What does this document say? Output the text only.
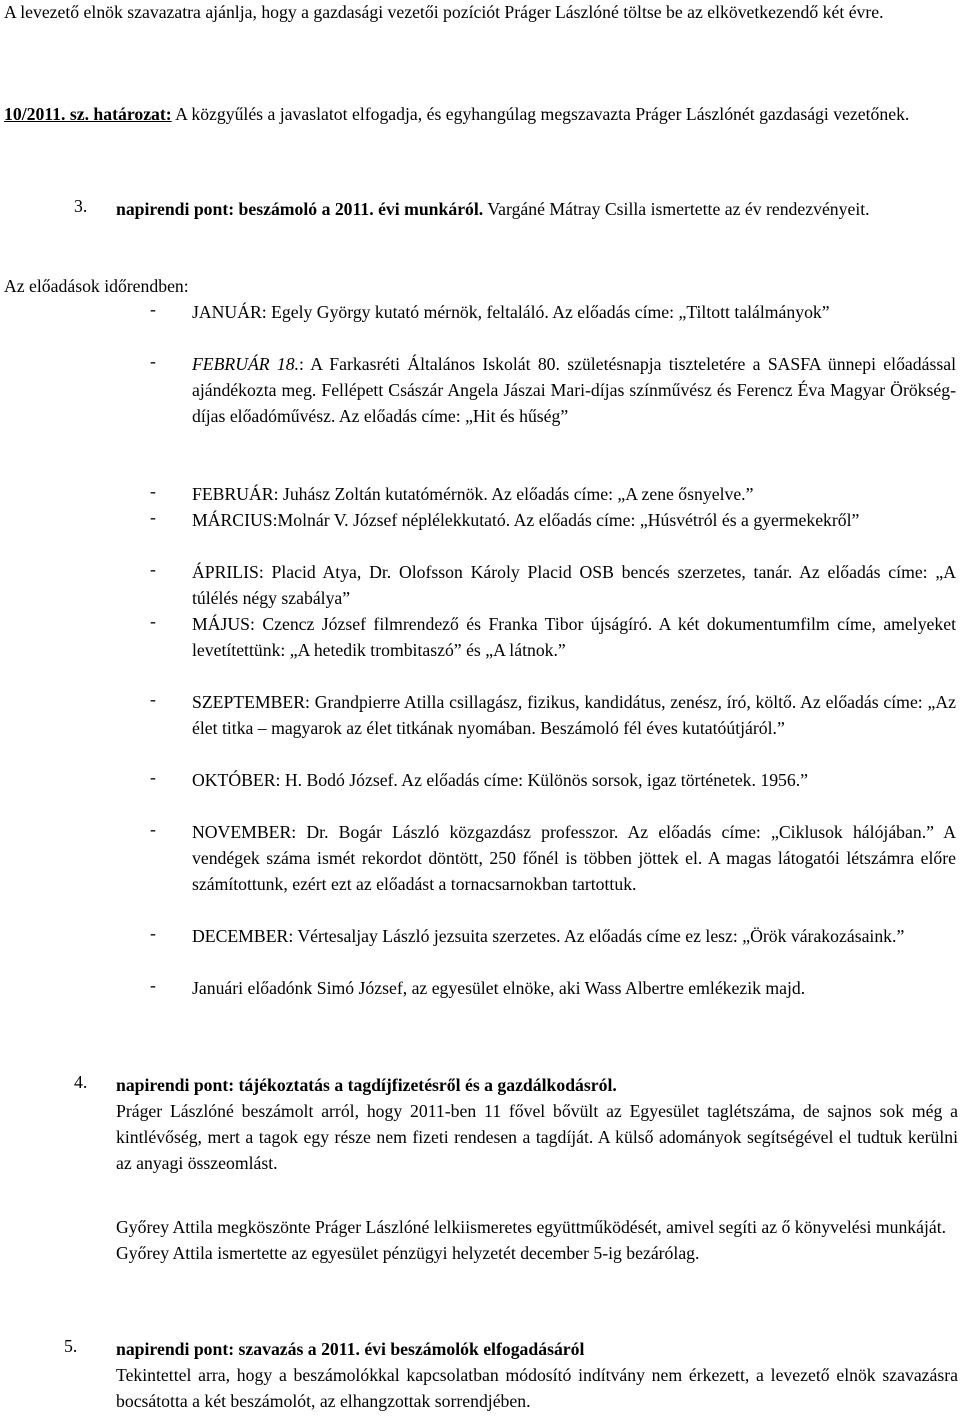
A levezető elnök szavazatra ajánlja, hogy a gazdasági vezetői pozíciót Práger Lászlóné töltse be az elkövetkezendő két évre.

10/2011. sz. határozat: A közgyűlés a javaslatot elfogadja, és egyhangúlag megszavazta Práger Lászlónét gazdasági vezetőnek.

3. napirendi pont: beszámoló a 2011. évi munkáról. Vargáné Mátray Csilla ismertette az év rendezvényeit.

Az előadások időrendben:

- JANUÁR: Egely György kutató mérnök, feltaláló. Az előadás címe: „Tiltott találmányok”

- FEBRUÁR 18.: A Farkasréti Általános Iskolát 80. születésnapja tiszteletére a SASFA ünnepi előadással ajándékozta meg. Fellépett Császár Angela Jászai Mari-díjas színművész és Ferencz Éva Magyar Örökség-díjas előadóművész. Az előadás címe: „Hit és hűség”

- FEBRUÁR: Juhász Zoltán kutatómérnök. Az előadás címe: „A zene ősnyelve.”

- MÁRCIUS:Molnár V. József néplélekkutató. Az előadás címe: „Húsvétról és a gyermekekről”

- ÁPRILIS: Placid Atya, Dr. Olofsson Károly Placid OSB bencés szerzetes, tanár. Az előadás címe: „A túlélés négy szabálya”

- MÁJUS: Czencz József filmrendező és Franka Tibor újságíró. A két dokumentumfilm címe, amelyeket levetítettünk: „A hetedik trombitaszó” és „A látnok.”

- SZEPTEMBER: Grandpierre Atilla csillagász, fizikus, kandidátus, zenész, író, költő. Az előadás címe: „Az élet titka – magyarok az élet titkának nyomában. Beszámoló fél éves kutatóútjáról.”

- OKTÓBER: H. Bodó József. Az előadás címe: Különös sorsok, igaz történetek. 1956.”

- NOVEMBER: Dr. Bogár László közgazdász professzor. Az előadás címe: „Ciklusok hálójában.” A vendégek száma ismét rekordot döntött, 250 főnél is többen jöttek el. A magas látogatói létszámra előre számítottunk, ezért ezt az előadást a tornacsarnokban tartottuk.

- DECEMBER: Vértesaljay László jezsuita szerzetes. Az előadás címe ez lesz: „Örök várakozásaink.”

- Januári előadónk Simó József, az egyesület elnöke, aki Wass Albertre emlékezik majd.

4. napirendi pont: tájékoztatás a tagdíjfizetésről és a gazdálkodásról.

Práger Lászlóné beszámolt arról, hogy 2011-ben 11 fővel bővült az Egyesület taglétszáma, de sajnos sok még a kintlévőség, mert a tagok egy része nem fizeti rendesen a tagdíját. A külső adományok segítségével el tudtuk kerülni az anyagi összeomlást.

Győrey Attila megköszönte Práger Lászlóné lelkiismeretes együttműködését, amivel segíti az ő könyvelési munkáját.

Győrey Attila ismertette az egyesület pénzügyi helyzetét december 5-ig bezárólag.

5. napirendi pont: szavazás a 2011. évi beszámolók elfogadásáról

Tekintettel arra, hogy a beszámolókkal kapcsolatban módosító indítvány nem érkezett, a levezető elnök szavazásra bocsátotta a két beszámolót, az elhangzottak sorrendjében.
